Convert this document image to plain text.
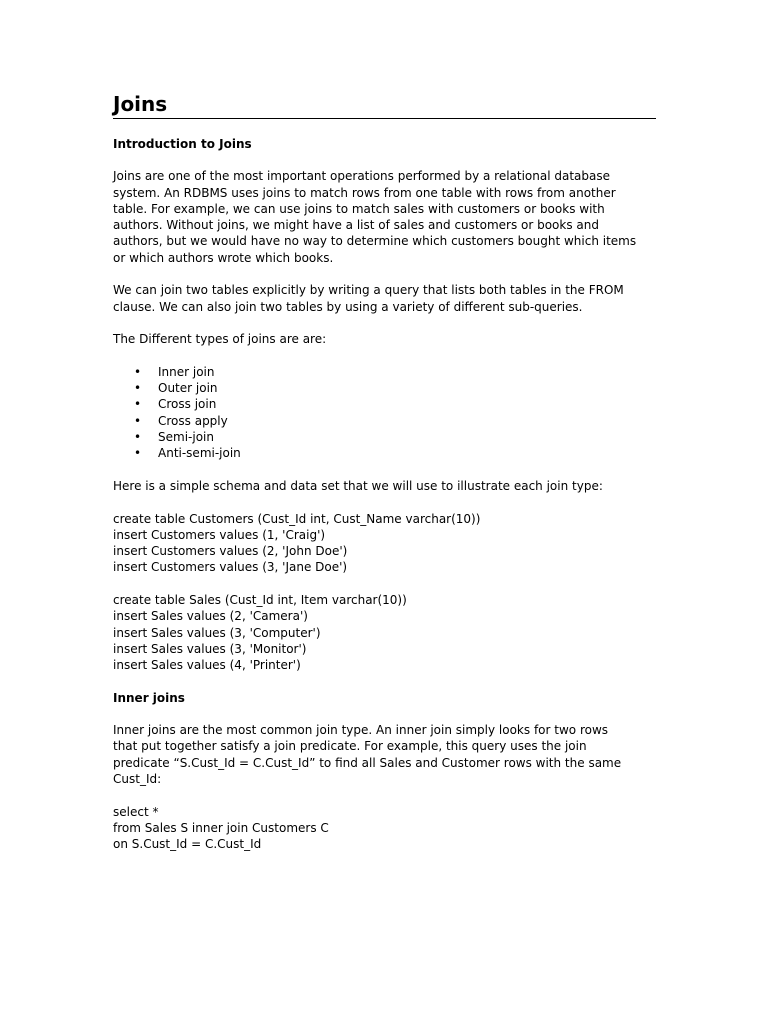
Joins
Introduction to Joins

Joins are one of the most important operations performed by a relational database
system. An RDBMS uses joins to match rows from one table with rows from another
table. For example, we can use joins to match sales with customers or books with
authors. Without joins, we might have a list of sales and customers or books and
authors, but we would have no way to determine which customers bought which items
or which authors wrote which books.

We can join two tables explicitly by writing a query that lists both tables in the FROM
clause. We can also join two tables by using a variety of different sub-queries.

The Different types of joins are are:

• Inner join
• Outer join
• Cross join
• Cross apply
• Semi-join
• Anti-semi-join

Here is a simple schema and data set that we will use to illustrate each join type:

create table Customers (Cust_Id int, Cust_Name varchar(10))
insert Customers values (1, 'Craig')
insert Customers values (2, 'John Doe')
insert Customers values (3, 'Jane Doe')
create table Sales (Cust_Id int, Item varchar(10))
insert Sales values (2, 'Camera')
insert Sales values (3, 'Computer')
insert Sales values (3, 'Monitor')
insert Sales values (4, 'Printer')
Inner joins

Inner joins are the most common join type. An inner join simply looks for two rows
that put together satisfy a join predicate. For example, this query uses the join
predicate “S.Cust_Id = C.Cust_Id” to find all Sales and Customer rows with the same
Cust_Id:

select *
from Sales S inner join Customers C
on S.Cust_Id = C.Cust_Id
